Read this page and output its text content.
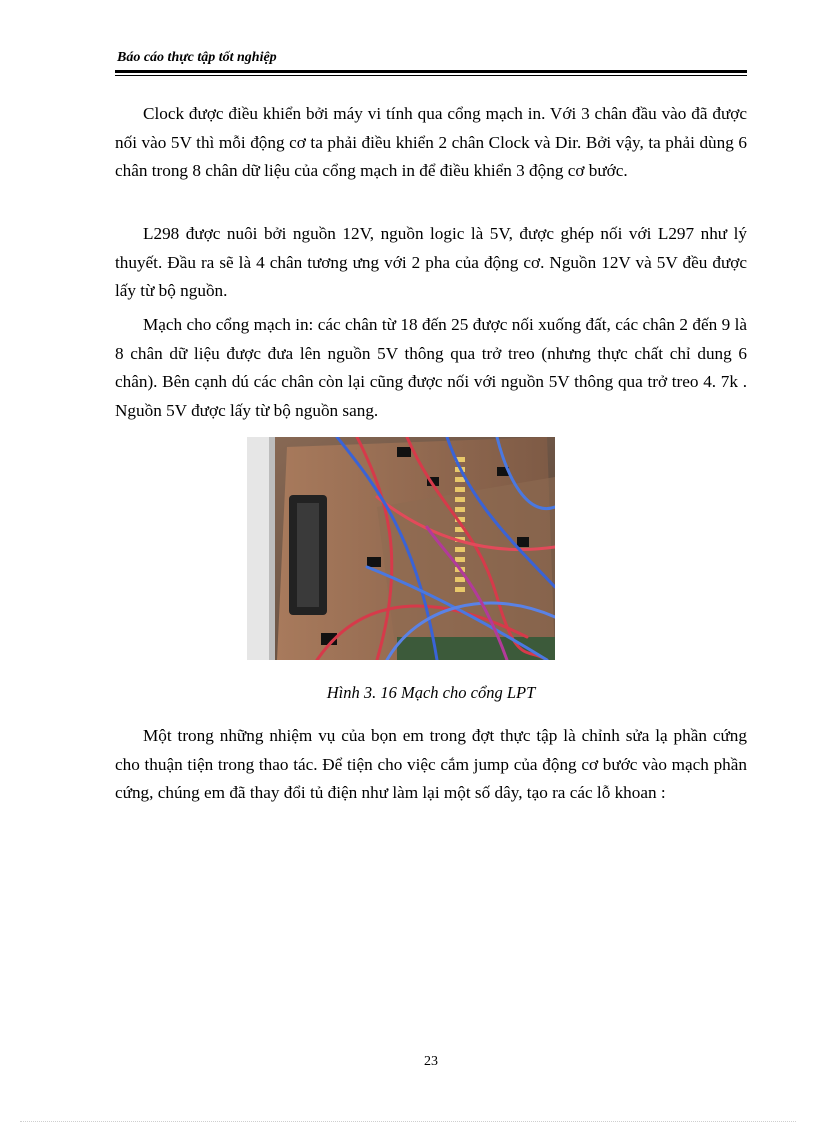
Báo cáo thực tập tốt nghiệp

Clock được điều khiển bởi máy vi tính qua cổng mạch in. Với 3 chân đầu vào đã được nối vào 5V thì mỗi động cơ ta phải điều khiển 2 chân Clock và Dir. Bởi vậy, ta phải dùng 6 chân trong 8 chân dữ liệu của cổng mạch in để điều khiển 3 động cơ bước.

L298 được nuôi bởi nguồn 12V, nguồn logic là 5V, được ghép nối với L297 như lý thuyết. Đầu ra sẽ là 4 chân tương ưng với 2 pha của động cơ. Nguồn 12V và 5V đều được lấy từ bộ nguồn.

Mạch cho cổng mạch in: các chân từ 18 đến 25 được nối xuống đất, các chân 2 đến 9 là 8 chân dữ liệu được đưa lên nguồn 5V thông qua trở treo (nhưng thực chất chỉ dung 6 chân). Bên cạnh dú các chân còn lại cũng được nối với nguồn 5V thông qua trở treo 4. 7k . Nguồn 5V được lấy từ bộ nguồn sang.

Hình 3. 16 Mạch cho cổng LPT

Một trong những nhiệm vụ của bọn em trong đợt thực tập là chỉnh sửa lạ phần cứng cho thuận tiện trong thao tác. Để tiện cho việc cắm jump của động cơ bước vào mạch phần cứng, chúng em đã thay đổi tủ điện như làm lại một số dây, tạo ra các lỗ khoan :

23
